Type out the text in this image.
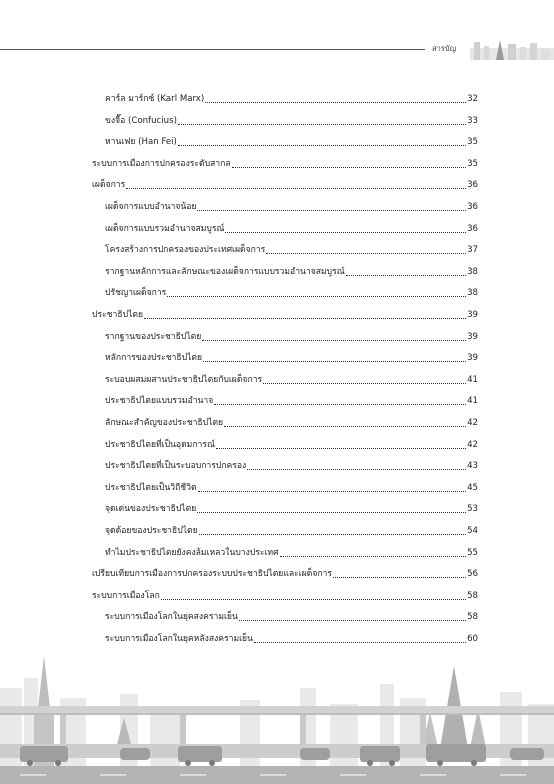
สารบัญ
คาร์ล มาร์กซ์ (Karl Marx)	32
ขงจื๊อ (Confucius)	33
หานเฟย (Han Fei)	35
ระบบการเมืองการปกครองระดับสากล	35
เผด็จการ	36
เผด็จการแบบอำนาจน้อย	36
เผด็จการแบบรวมอำนาจสมบูรณ์	36
โครงสร้างการปกครองของประเทศเผด็จการ	37
รากฐานหลักการและลักษณะของเผด็จการแบบรวมอำนาจสมบูรณ์	38
ปรัชญาเผด็จการ	38
ประชาธิปไตย	39
รากฐานของประชาธิปไตย	39
หลักการของประชาธิปไตย	39
ระบอบผสมผสานประชาธิปไตยกับเผด็จการ	41
ประชาธิปไตยแบบรวมอำนาจ	41
ลักษณะสำคัญของประชาธิปไตย	42
ประชาธิปไตยที่เป็นอุดมการณ์	42
ประชาธิปไตยที่เป็นระบอบการปกครอง	43
ประชาธิปไตยเป็นวิถีชีวิต	45
จุดเด่นของประชาธิปไตย	53
จุดด้อยของประชาธิปไตย	54
ทำไมประชาธิปไตยยังคงล้มเหลวในบางประเทศ	55
เปรียบเทียบการเมืองการปกครองระบบประชาธิปไตยและเผด็จการ	56
ระบบการเมืองโลก	58
ระบบการเมืองโลกในยุคสงครามเย็น	58
ระบบการเมืองโลกในยุคหลังสงครามเย็น	60
